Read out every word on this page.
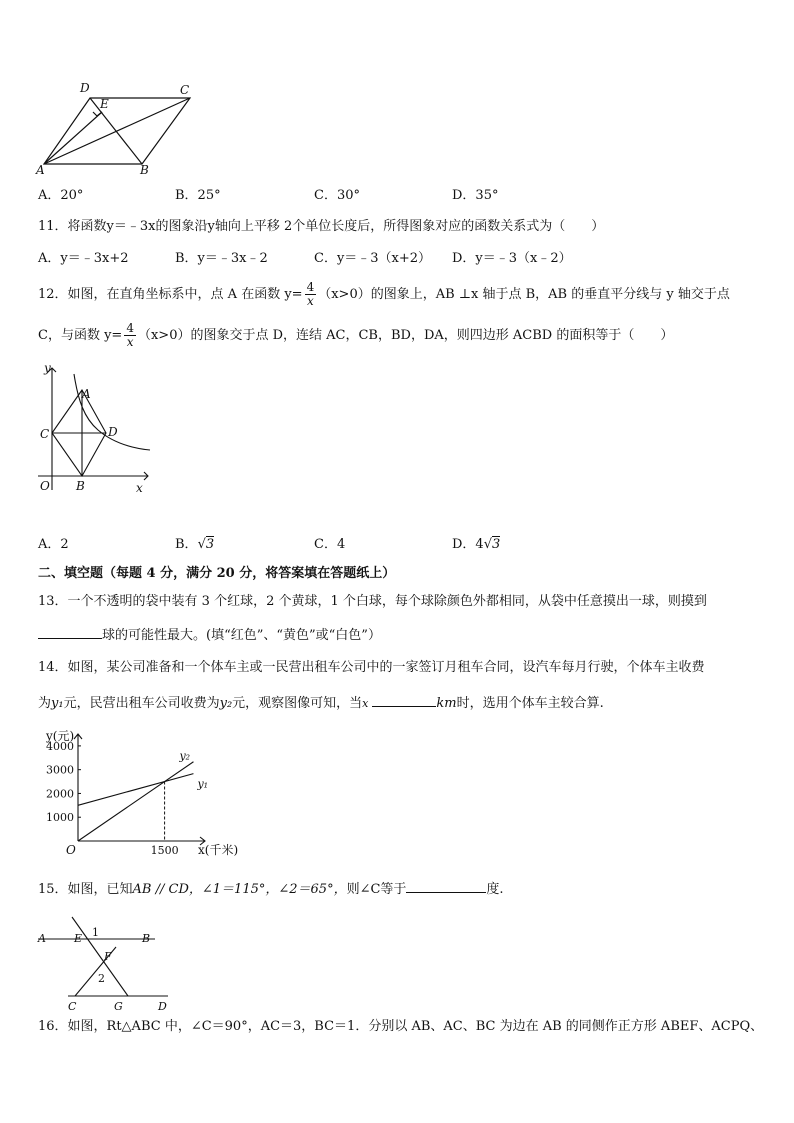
A	B
C
D
E
A．20°	B．25°	C．30°	D．35°
11．将函数y＝﹣3x的图象沿y轴向上平移 2个单位长度后，所得图象对应的函数关系式为（　　）
A．y＝﹣3x+2	B．y＝﹣3x﹣2	C．y＝﹣3（x+2） D．y＝﹣3（x﹣2）
12．如图，在直角坐标系中，点 A 在函数 $y= \frac{4}{x} (x>0)$的图象上，AB ⊥x 轴于点 B，AB 的垂直平分线与 y 轴交于点
C，与函数 $y= \frac{4}{x} (x>0)$的图象交于点 D，连结 AC，CB，BD，DA，则四边形 ACBD 的面积等于（　　）
y
x
O
A
B
C	D
A．2	B．√3	C．4	D．4√3
二、填空题（每题 4 分，满分 20 分，将答案填在答题纸上）
13．一个不透明的袋中装有 3 个红球，2 个黄球，1 个白球，每个球除颜色外都相同，从袋中任意摸出一球，则摸到
球的可能性最大。(填“红色”、“黄色”或“白色”）
14．如图，某公司准备和一个体车主或一民营出租车公司中的一家签订月租车合同，设汽车每月行驶，个体车主收费
为y₁元，民营出租车公司收费为y₂元，观察图像可知，当x	km时，选用个体车主较合算.
4000
3000
2000
1000
1500
y₂
y₁
y(元)
x(千米)
O
15．如图，已知AB // CD，∠1＝115°，∠2＝65°，则∠C等于	度.
A	E 1	B
F
2
C	G	D
16．如图，Rt△ABC 中，∠C＝90°，AC＝3，BC＝1．分别以 AB、AC、BC 为边在 AB 的同侧作正方形 ABEF、ACPQ、
